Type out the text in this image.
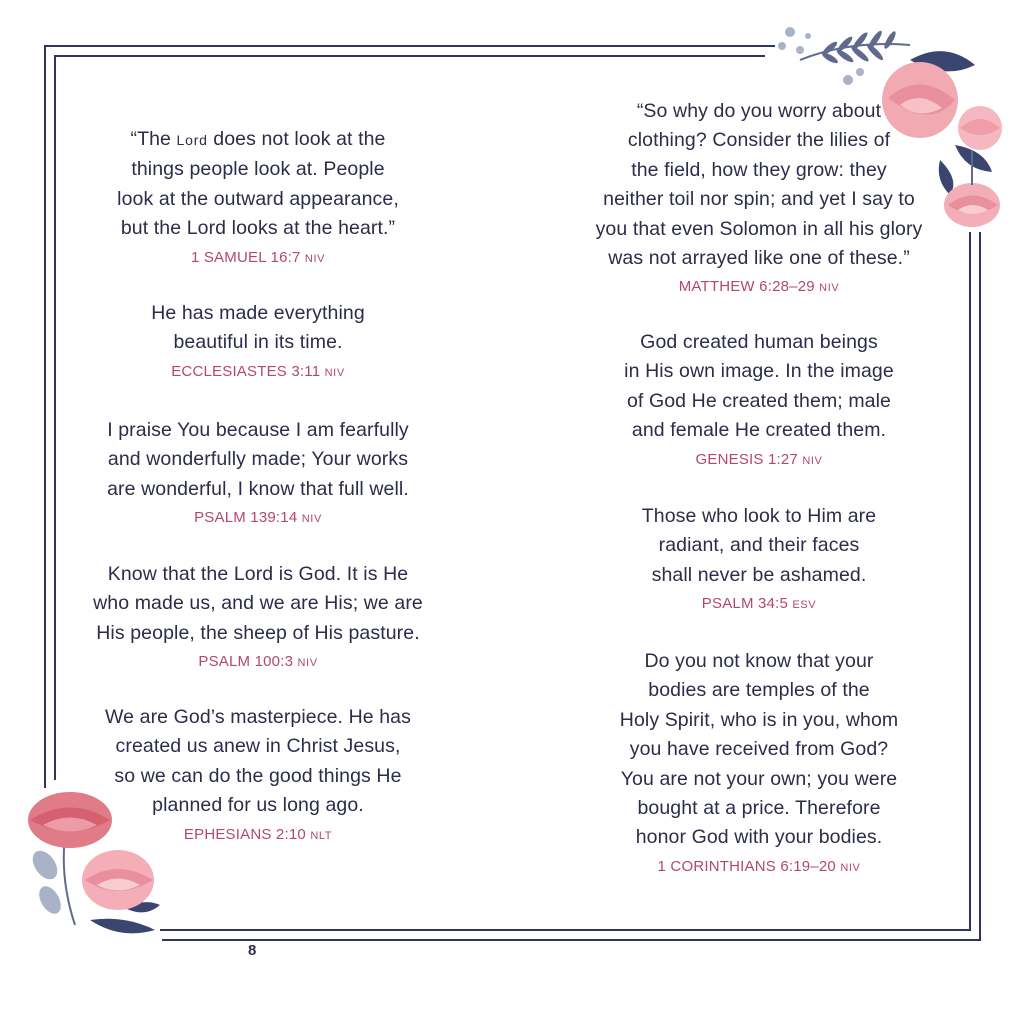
“The Lord does not look at the
things people look at. People
look at the outward appearance,
but the Lord looks at the heart.”

1 SAMUEL 16:7 NIV

He has made everything
beautiful in its time.

ECCLESIASTES 3:11 NIV

I praise You because I am fearfully
and wonderfully made; Your works
are wonderful, I know that full well.

PSALM 139:14 NIV

Know that the Lord is God. It is He
who made us, and we are His; we are
His people, the sheep of His pasture.

PSALM 100:3 NIV

We are God’s masterpiece. He has
created us anew in Christ Jesus,
so we can do the good things He
planned for us long ago.

EPHESIANS 2:10 NLT

“So why do you worry about
clothing? Consider the lilies of
the field, how they grow: they
neither toil nor spin; and yet I say to
you that even Solomon in all his glory
was not arrayed like one of these.”

MATTHEW 6:28–29 NIV

God created human beings
in His own image. In the image
of God He created them; male
and female He created them.

GENESIS 1:27 NIV

Those who look to Him are
radiant, and their faces
shall never be ashamed.

PSALM 34:5 ESV

Do you not know that your
bodies are temples of the
Holy Spirit, who is in you, whom
you have received from God?
You are not your own; you were
bought at a price. Therefore
honor God with your bodies.

1 CORINTHIANS 6:19–20 NIV
8
